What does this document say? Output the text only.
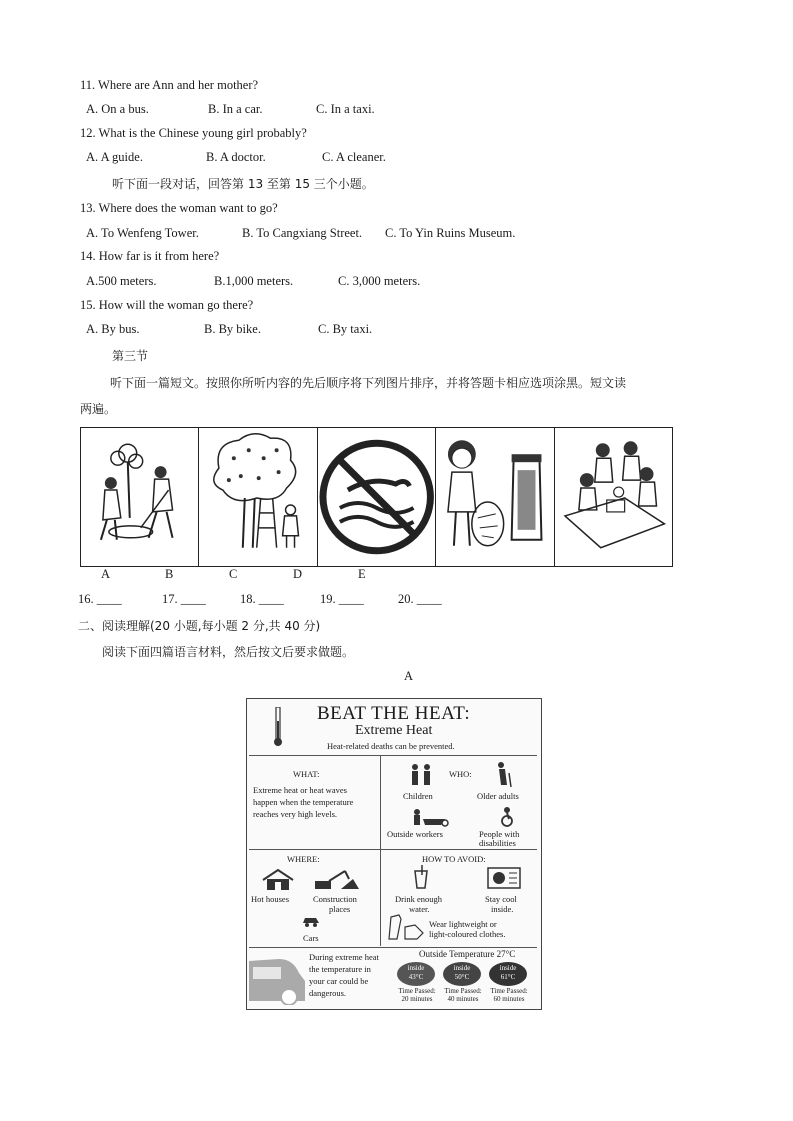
11. Where are Ann and her mother?
A. On a bus.	B. In a car.	C. In a taxi.
12. What is the Chinese young girl probably?
A. A guide.	B. A doctor.	C. A cleaner.
听下面一段对话，回答第 13 至第 15 三个小题。
13. Where does the woman want to go?
A. To Wenfeng Tower.	B. To Cangxiang Street. C. To Yin Ruins Museum.
14. How far is it from here?
A.500 meters.	B.1,000 meters.	C. 3,000 meters.
15. How will the woman go there?
A. By bus.	B. By bike.	C. By taxi.
第三节
听下面一篇短文。按照你所听内容的先后顺序将下列图片排序，并将答题卡相应选项涂黑。短文读
两遍。
A	B	C	D	E
16. ____	17. ____	18. ____	19. ____	20. ____
二、阅读理解(20 小题,每小题 2 分,共 40 分)
阅读下面四篇语言材料，然后按文后要求做题。
A
BEAT THE HEAT:
Extreme Heat
Heat-related deaths can be prevented.
WHAT:
Extreme heat or heat waves
happen when the temperature
reaches very high levels.
WHO:
Children	Older adults
Outside workers	People with
disabilities
WHERE:
Hot houses	Construction
places
Cars
HOW TO AVOID:
Drink enough
water.
Stay cool
inside.
Wear lightweight or
light-coloured clothes.
During extreme heat
the temperature in
your car could be
dangerous.
Outside Temperature 27°C
inside
43°C
Time Passed:
20 minutes
inside
50°C
Time Passed:
40 minutes
inside
61°C
Time Passed:
60 minutes
